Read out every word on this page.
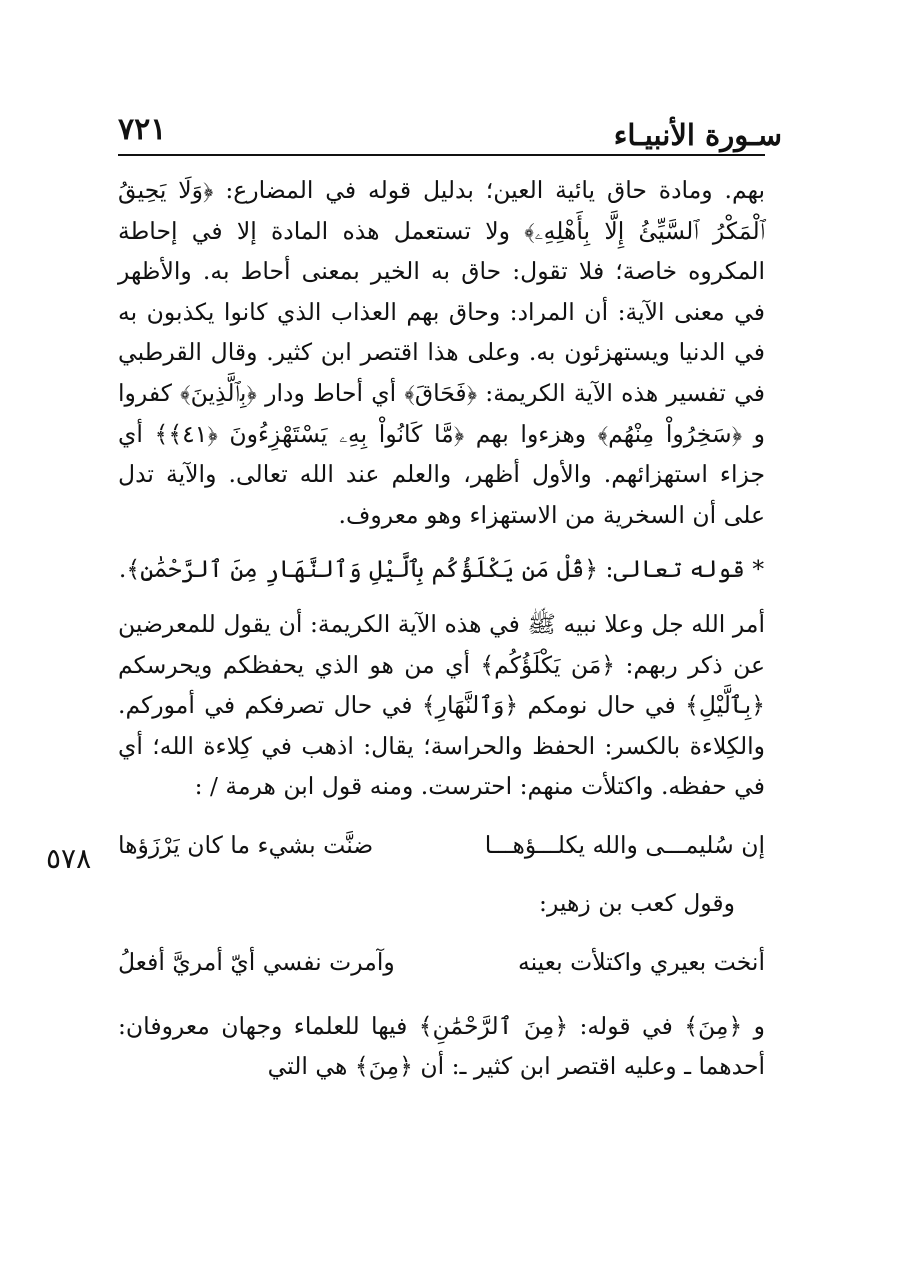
سـورة الأنبيـاء
٧٢١
٥٧٨

بهم. ومادة حاق يائية العين؛ بدليل قوله في المضارع: ﴿وَلَا يَحِيقُ ٱلْمَكْرُ ٱلسَّيِّئُ إِلَّا بِأَهْلِهِۦ﴾ ولا تستعمل هذه المادة إلا في إحاطة المكروه خاصة؛ فلا تقول: حاق به الخير بمعنى أحاط به. والأظهر في معنى الآية: أن المراد: وحاق بهم العذاب الذي كانوا يكذبون به في الدنيا ويستهزئون به. وعلى هذا اقتصر ابن كثير. وقال القرطبي في تفسير هذه الآية الكريمة: ﴿فَحَاقَ﴾ أي أحاط ودار ﴿بِٱلَّذِينَ﴾ كفروا و ﴿سَخِرُواْ مِنْهُم﴾ وهزءوا بهم ﴿مَّا كَانُواْ بِهِۦ يَسْتَهْزِءُونَ ﴿٤١﴾﴾ أي جزاء استهزائهم. والأول أظهر، والعلم عند الله تعالى. والآية تدل على أن السخرية من الاستهزاء وهو معروف.

* قوله تعالى: ﴿قُلْ مَن يَكْلَؤُكُم بِٱلَّيْلِ وَٱلنَّهَارِ مِنَ ٱلرَّحْمَٰنِ﴾.

أمر الله جل وعلا نبيه ﷺ في هذه الآية الكريمة: أن يقول للمعرضين عن ذكر ربهم: ﴿مَن يَكْلَؤُكُم﴾ أي من هو الذي يحفظكم ويحرسكم ﴿بِٱلَّيْلِ﴾ في حال نومكم ﴿وَٱلنَّهَارِ﴾ في حال تصرفكم في أموركم. والكِلاءة بالكسر: الحفظ والحراسة؛ يقال: اذهب في كِلاءة الله؛ أي في حفظه. واكتلأت منهم: احترست. ومنه قول ابن هرمة / :

إن سُليمـــى والله يكلـــؤهـــا
ضنَّت بشيء ما كان يَرْزَؤها

وقول كعب بن زهير:

أنخت بعيري واكتلأت بعينه
وآمرت نفسي أيّ أمريَّ أفعلُ

و ﴿مِنَ﴾ في قوله: ﴿مِنَ ٱلرَّحْمَٰنِ﴾ فيها للعلماء وجهان معروفان: أحدهما ـ وعليه اقتصر ابن كثير ـ: أن ﴿مِنَ﴾ هي التي
